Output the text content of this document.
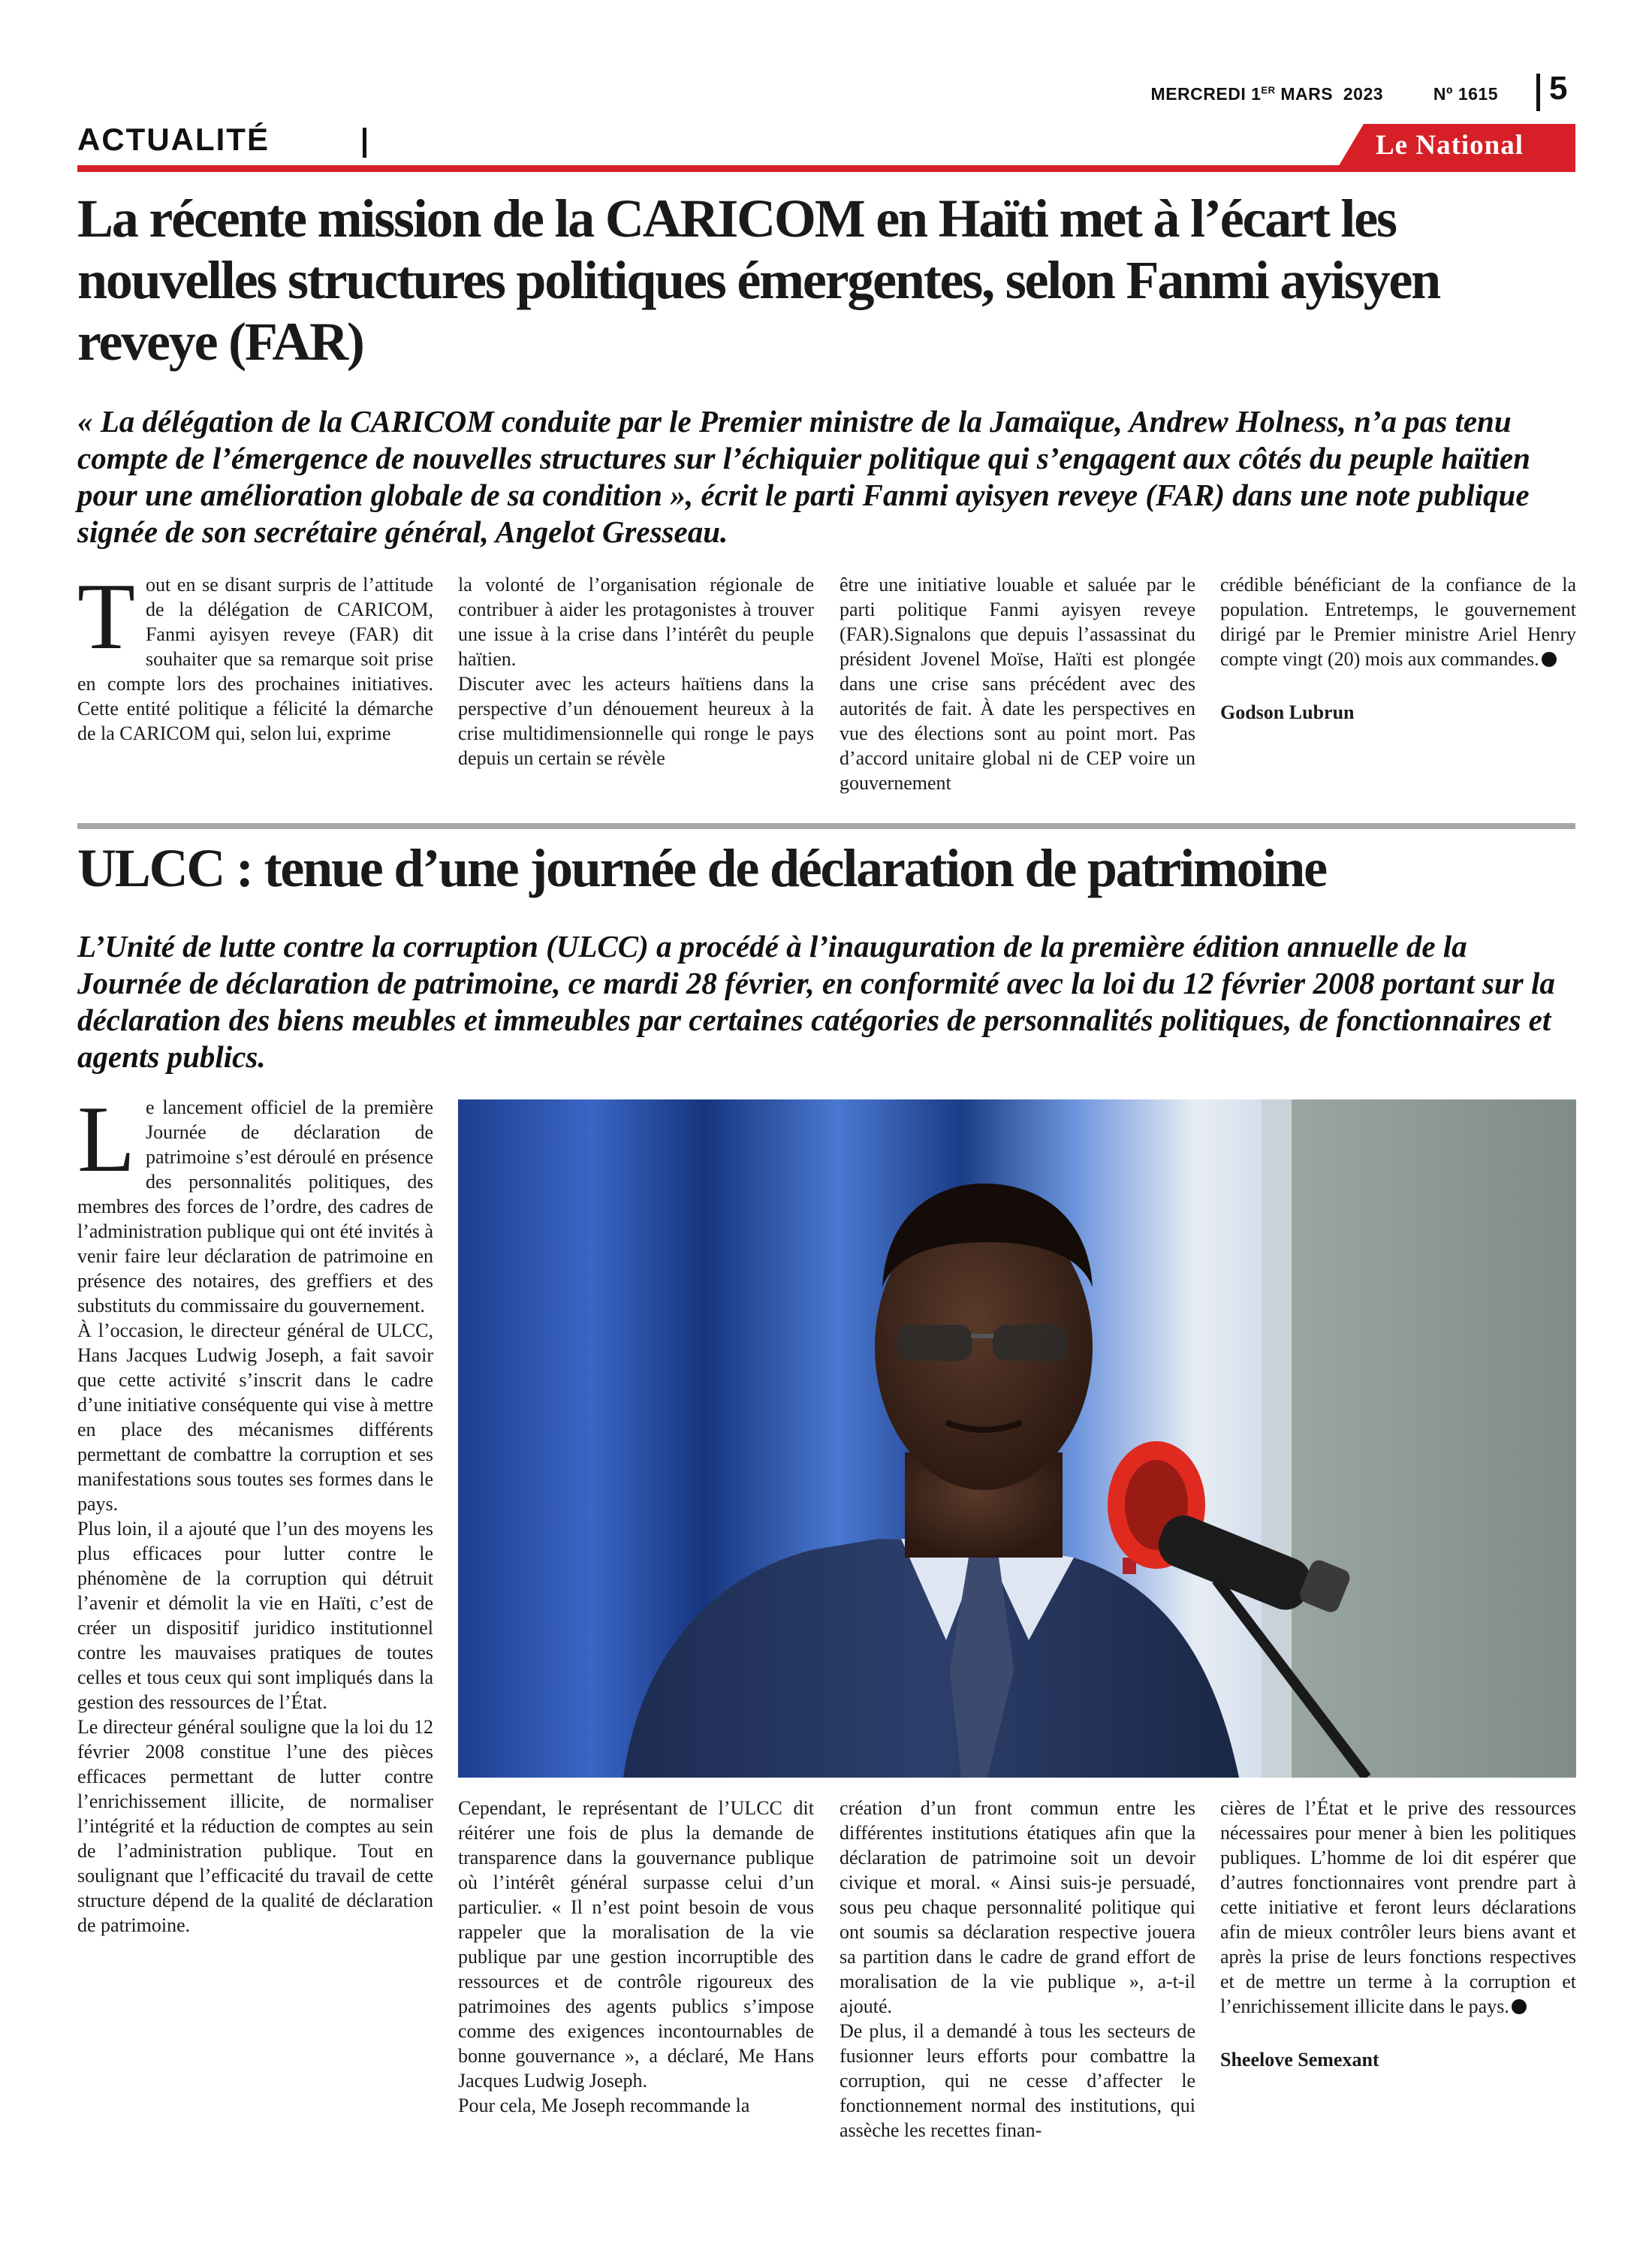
MERCREDI 1ER MARS  2023	Nº 1615 5
ACTUALITÉ	Le National
La récente mission de la CARICOM en Haïti met à l’écart les nouvelles structures politiques émergentes, selon Fanmi ayisyen reveye (FAR)
« La délégation de la CARICOM conduite par le Premier ministre de la Jamaïque, Andrew Holness, n’a pas tenu compte de l’émergence de nouvelles structures sur l’échiquier politique qui s’engagent aux côtés du peuple haïtien pour une amélioration globale de sa condition », écrit le parti Fanmi ayisyen reveye (FAR) dans une note publique signée de son secrétaire général, Angelot Gresseau.

Tout en se disant surpris de l’attitude de la délégation de CARICOM, Fanmi ayisyen reveye (FAR) dit souhaiter que sa remarque soit prise en compte lors des prochaines initiatives. Cette entité politique a félicité la démarche de la CARICOM qui, selon lui, exprime

la volonté de l’organisation régionale de contribuer à aider les protagonistes à trouver une issue à la crise dans l’intérêt du peuple haïtien.

Discuter avec les acteurs haïtiens dans la perspective d’un dénouement heureux à la crise multidimensionnelle qui ronge le pays depuis un certain se révèle

être une initiative louable et saluée par le parti politique Fanmi ayisyen reveye (FAR).Signalons que depuis l’assassinat du président Jovenel Moïse, Haïti est plongée dans une crise sans précédent avec des autorités de fait. À date les perspectives en vue des élections sont au point mort. Pas d’accord unitaire global ni de CEP voire un gouvernement

crédible bénéficiant de la confiance de la population. Entretemps, le gouvernement dirigé par le Premier ministre Ariel Henry compte vingt (20) mois aux commandes.

Godson Lubrun

ULCC : tenue d’une journée de déclaration de patrimoine
L’Unité de lutte contre la corruption (ULCC) a procédé à l’inauguration de la première édition annuelle de la Journée de déclaration de patrimoine, ce mardi 28 février, en conformité avec la loi du 12 février 2008 portant sur la déclaration des biens meubles et immeubles par certaines catégories de personnalités politiques, de fonctionnaires et agents publics.

Le lancement officiel de la première Journée de déclaration de patrimoine s’est déroulé en présence des personnalités politiques, des membres des forces de l’ordre, des cadres de l’administration publique qui ont été invités à venir faire leur déclaration de patrimoine en présence des notaires, des greffiers et des substituts du commissaire du gouvernement.

À l’occasion, le directeur général de ULCC, Hans Jacques Ludwig Joseph, a fait savoir que cette activité s’inscrit dans le cadre d’une initiative conséquente qui vise à mettre en place des mécanismes différents permettant de combattre la corruption et ses manifestations sous toutes ses formes dans le pays.

Plus loin, il a ajouté que l’un des moyens les plus efficaces pour lutter contre le phénomène de la corruption qui détruit l’avenir et démolit la vie en Haïti, c’est de créer un dispositif juridico institutionnel contre les mauvaises pratiques de toutes celles et tous ceux qui sont impliqués dans la gestion des ressources de l’État.

Le directeur général souligne que la loi du 12 février 2008 constitue l’une des pièces efficaces permettant de lutter contre l’enrichissement illicite, de normaliser l’intégrité et la réduction de comptes au sein de l’administration publique. Tout en soulignant que l’efficacité du travail de cette structure dépend de la qualité de déclaration de patrimoine.

Cependant, le représentant de l’ULCC dit réitérer une fois de plus la demande de transparence dans la gouvernance publique où l’intérêt général surpasse celui d’un particulier. « Il n’est point besoin de vous rappeler que la moralisation de la vie publique par une gestion incorruptible des ressources et de contrôle rigoureux des patrimoines des agents publics s’impose comme des exigences incontournables de bonne gouvernance », a déclaré, Me Hans Jacques Ludwig Joseph.

Pour cela, Me Joseph recommande la

création d’un front commun entre les différentes institutions étatiques afin que la déclaration de patrimoine soit un devoir civique et moral. « Ainsi suis-je persuadé, sous peu chaque personnalité politique qui ont soumis sa déclaration respective jouera sa partition dans le cadre de grand effort de moralisation de la vie publique », a-t-il ajouté.

De plus, il a demandé à tous les secteurs de fusionner leurs efforts pour combattre la corruption, qui ne cesse d’affecter le fonctionnement normal des institutions, qui assèche les recettes finan-

cières de l’État et le prive des ressources nécessaires pour mener à bien les politiques publiques. L’homme de loi dit espérer que d’autres fonctionnaires vont prendre part à cette initiative et feront leurs déclarations afin de mieux contrôler leurs biens avant et après la prise de leurs fonctions respectives et de mettre un terme à la corruption et l’enrichissement illicite dans le pays.

Sheelove Semexant
